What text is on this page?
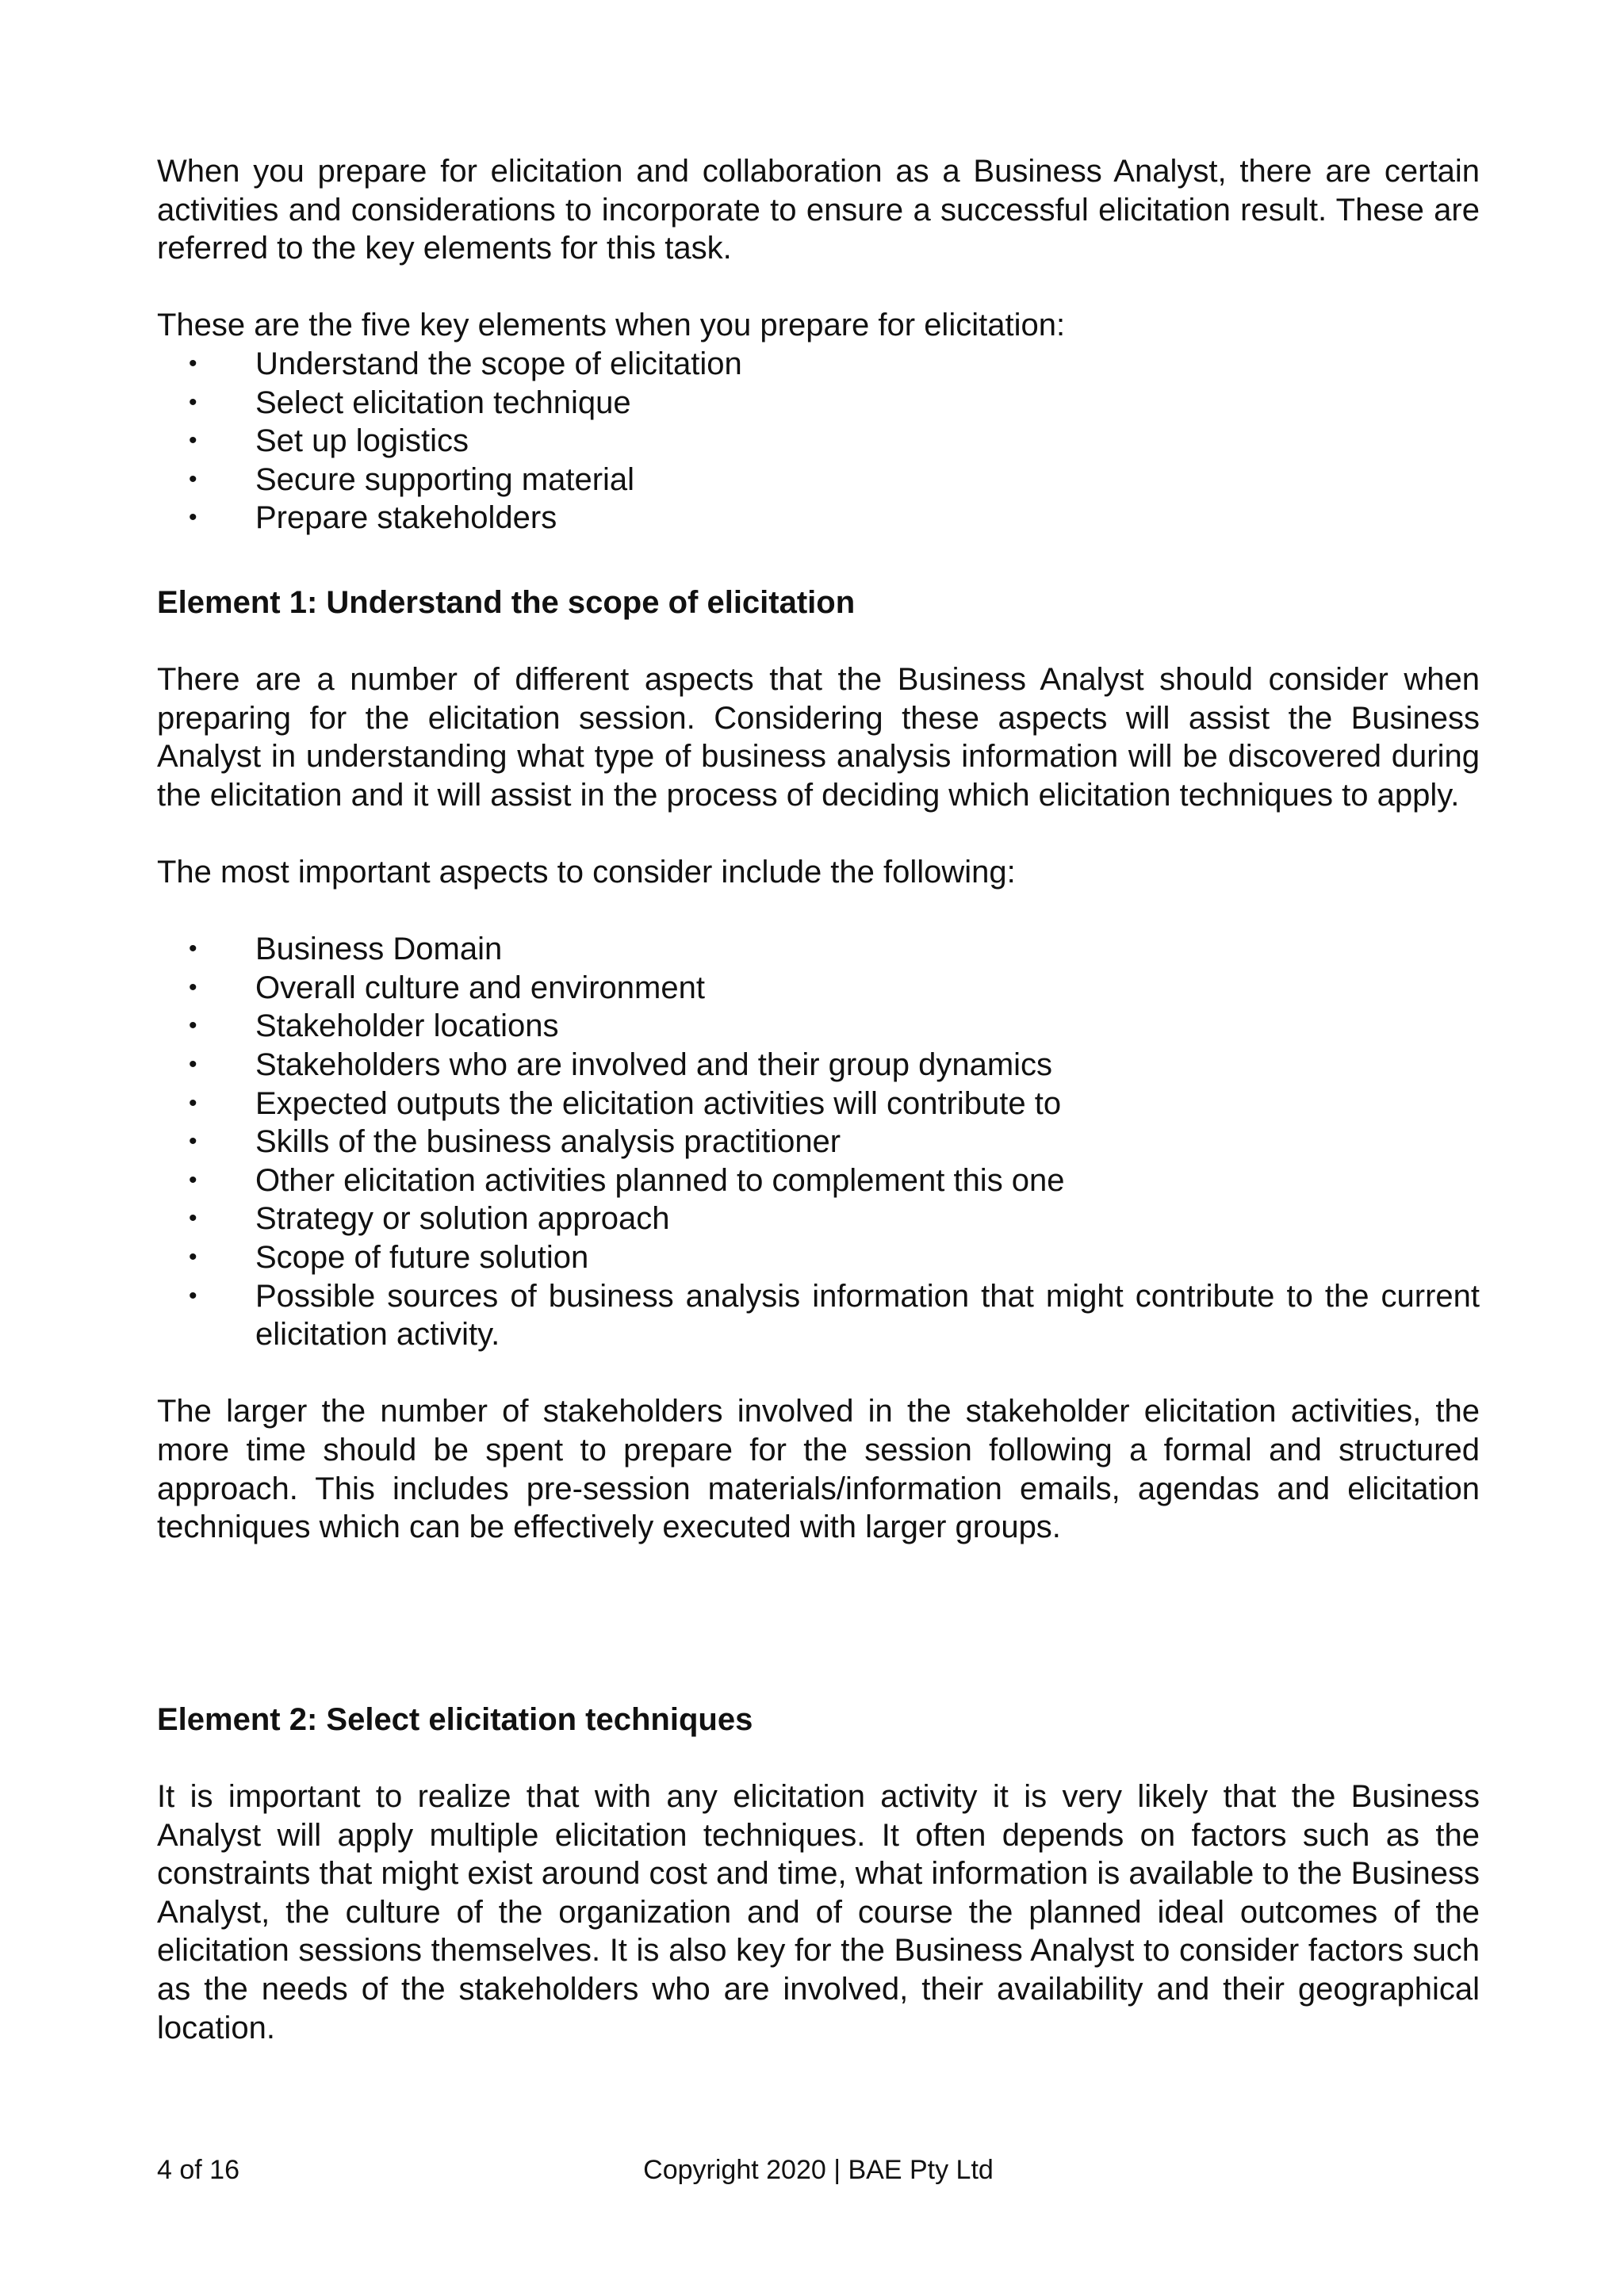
When you prepare for elicitation and collaboration as a Business Analyst, there are certain activities and considerations to incorporate to ensure a successful elicitation result. These are referred to the key elements for this task.

These are the five key elements when you prepare for elicitation:

•	Understand the scope of elicitation
•	Select elicitation technique
•	Set up logistics
•	Secure supporting material
•	Prepare stakeholders

Element 1: Understand the scope of elicitation

There are a number of different aspects that the Business Analyst should consider when preparing for the elicitation session. Considering these aspects will assist the Business Analyst in understanding what type of business analysis information will be discovered during the elicitation and it will assist in the process of deciding which elicitation techniques to apply.

The most important aspects to consider include the following:

•	Business Domain
•	Overall culture and environment
•	Stakeholder locations
•	Stakeholders who are involved and their group dynamics
•	Expected outputs the elicitation activities will contribute to
•	Skills of the business analysis practitioner
•	Other elicitation activities planned to complement this one
•	Strategy or solution approach
•	Scope of future solution
•	Possible sources of business analysis information that might contribute to the current elicitation activity.

The larger the number of stakeholders involved in the stakeholder elicitation activities, the more time should be spent to prepare for the session following a formal and structured approach. This includes pre-session materials/information emails, agendas and elicitation techniques which can be effectively executed with larger groups.

Element 2: Select elicitation techniques

It is important to realize that with any elicitation activity it is very likely that the Business Analyst will apply multiple elicitation techniques. It often depends on factors such as the constraints that might exist around cost and time, what information is available to the Business Analyst, the culture of the organization and of course the planned ideal outcomes of the elicitation sessions themselves. It is also key for the Business Analyst to consider factors such as the needs of the stakeholders who are involved, their availability and their geographical location.

4 of 16	Copyright 2020 | BAE Pty Ltd
